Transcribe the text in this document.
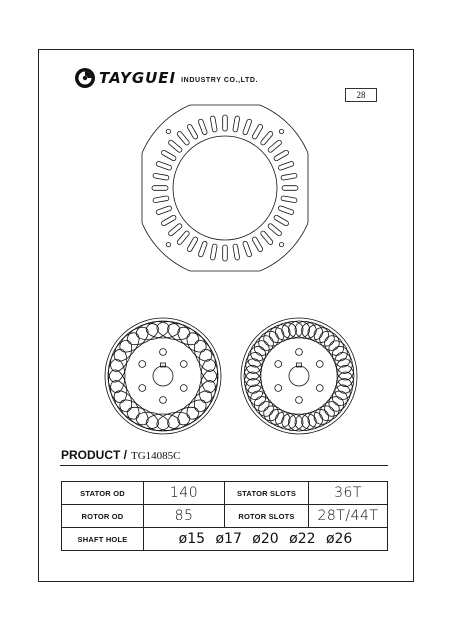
TAYGUEI INDUSTRY CO.,LTD.
28
PRODUCT / TG14085C
STATOR OD	140	STATOR SLOTS	36T
ROTOR OD	85	ROTOR SLOTS	28T/44T
SHAFT HOLE	ø15 ø17 ø20 ø22 ø26		
